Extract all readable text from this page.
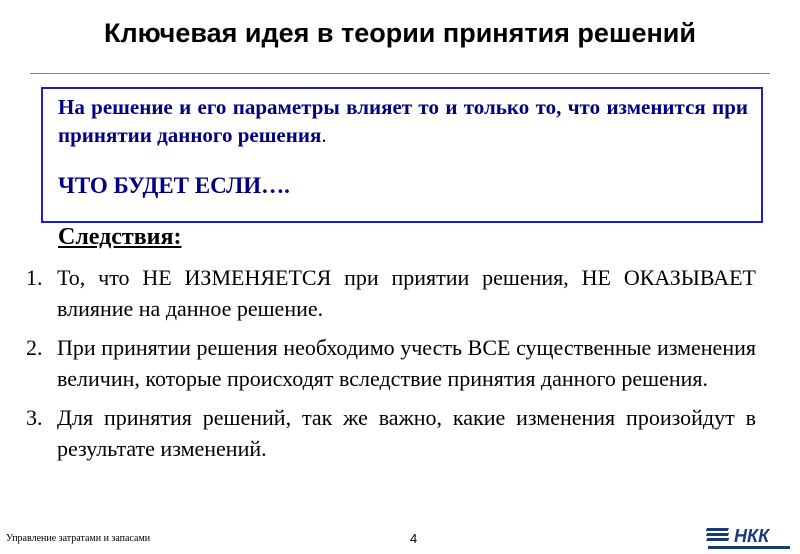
Ключевая идея в теории принятия решений
На решение и его параметры влияет то и только то, что изменится при принятии данного решения.
ЧТО БУДЕТ ЕСЛИ….
Следствия:
1. То, что НЕ ИЗМЕНЯЕТСЯ при приятии решения, НЕ ОКАЗЫВАЕТ влияние на данное решение.
2. При принятии решения необходимо учесть ВСЕ существенные изменения величин, которые происходят вследствие принятия данного решения.
3. Для принятия решений, так же важно, какие изменения произойдут в результате изменений.
Управление затратами и запасами	4	НКК
